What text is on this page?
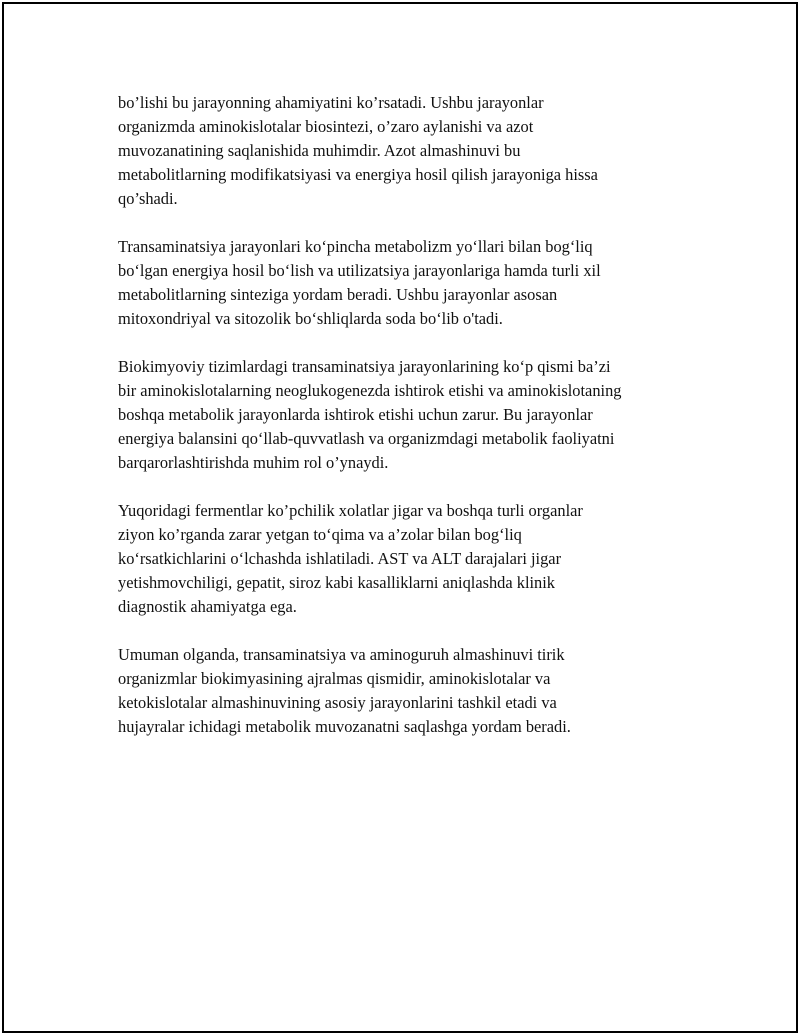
bo’lishi bu jarayonning ahamiyatini ko’rsatadi. Ushbu jarayonlar
organizmda aminokislotalar biosintezi, o’zaro aylanishi va azot
muvozanatining saqlanishida muhimdir. Azot almashinuvi bu
metabolitlarning modifikatsiyasi va energiya hosil qilish jarayoniga hissa
qo’shadi.

Transaminatsiya jarayonlari ko‘pincha metabolizm yo‘llari bilan bog‘liq
bo‘lgan energiya hosil bo‘lish va utilizatsiya jarayonlariga hamda turli xil
metabolitlarning sinteziga yordam beradi. Ushbu jarayonlar asosan
mitoxondriyal va sitozolik bo‘shliqlarda soda bo‘lib o'tadi.

Biokimyoviy tizimlardagi transaminatsiya jarayonlarining ko‘p qismi ba’zi
bir aminokislotalarning neoglukogenezda ishtirok etishi va aminokislotaning
boshqa metabolik jarayonlarda ishtirok etishi uchun zarur. Bu jarayonlar
energiya balansini qo‘llab-quvvatlash va organizmdagi metabolik faoliyatni
barqarorlashtirishda muhim rol o’ynaydi.

Yuqoridagi fermentlar ko’pchilik xolatlar jigar va boshqa turli organlar
ziyon ko’rganda zarar yetgan to‘qima va a’zolar bilan bog‘liq
ko‘rsatkichlarini o‘lchashda ishlatiladi. AST va ALT darajalari jigar
yetishmovchiligi, gepatit, siroz kabi kasalliklarni aniqlashda klinik
diagnostik ahamiyatga ega.

Umuman olganda, transaminatsiya va aminoguruh almashinuvi tirik
organizmlar biokimyasining ajralmas qismidir, aminokislotalar va
ketokislotalar almashinuvining asosiy jarayonlarini tashkil etadi va
hujayralar ichidagi metabolik muvozanatni saqlashga yordam beradi.
